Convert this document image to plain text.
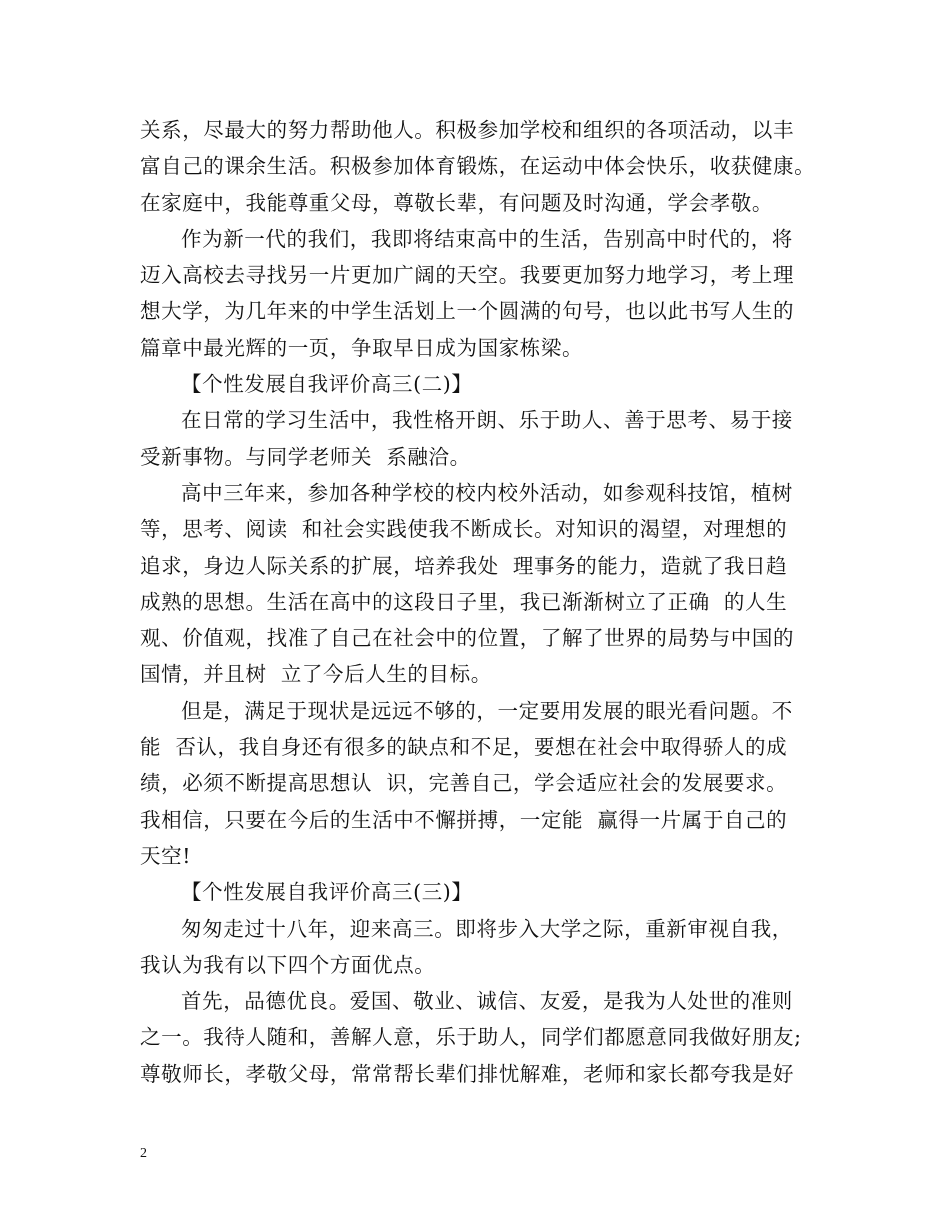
关系，尽最大的努力帮助他人。积极参加学校和组织的各项活动，以丰
富自己的课余生活。积极参加体育锻炼，在运动中体会快乐，收获健康。
在家庭中，我能尊重父母，尊敬长辈，有问题及时沟通，学会孝敬。
作为新一代的我们，我即将结束高中的生活，告别高中时代的，将
迈入高校去寻找另一片更加广阔的天空。我要更加努力地学习，考上理
想大学，为几年来的中学生活划上一个圆满的句号，也以此书写人生的
篇章中最光辉的一页，争取早日成为国家栋梁。
【个性发展自我评价高三(二)】
在日常的学习生活中，我性格开朗、乐于助人、善于思考、易于接
受新事物。与同学老师关  系融洽。
高中三年来，参加各种学校的校内校外活动，如参观科技馆，植树
等，思考、阅读  和社会实践使我不断成长。对知识的渴望，对理想的
追求，身边人际关系的扩展，培养我处  理事务的能力，造就了我日趋
成熟的思想。生活在高中的这段日子里，我已渐渐树立了正确  的人生
观、价值观，找准了自己在社会中的位置，了解了世界的局势与中国的
国情，并且树  立了今后人生的目标。
但是，满足于现状是远远不够的，一定要用发展的眼光看问题。不
能  否认，我自身还有很多的缺点和不足，要想在社会中取得骄人的成
绩，必须不断提高思想认  识，完善自己，学会适应社会的发展要求。
我相信，只要在今后的生活中不懈拼搏，一定能  赢得一片属于自己的
天空!
【个性发展自我评价高三(三)】
匆匆走过十八年，迎来高三。即将步入大学之际，重新审视自我，
我认为我有以下四个方面优点。
首先，品德优良。爱国、敬业、诚信、友爱，是我为人处世的准则
之一。我待人随和，善解人意，乐于助人，同学们都愿意同我做好朋友;
尊敬师长，孝敬父母，常常帮长辈们排忧解难，老师和家长都夸我是好
2
